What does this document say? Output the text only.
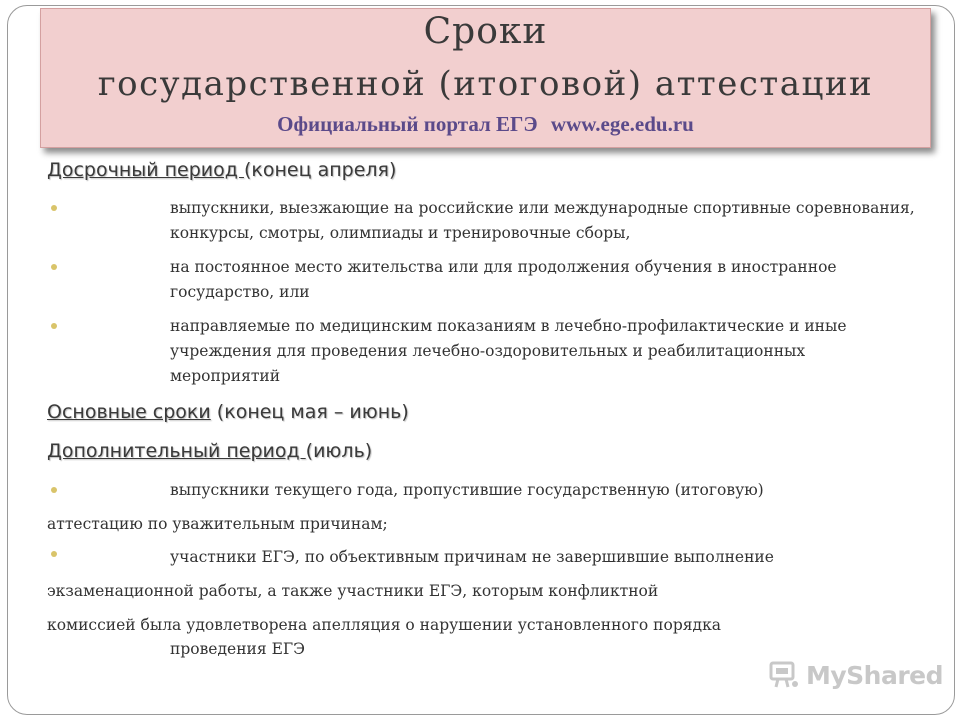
Сроки
государственной (итоговой) аттестации
Официальный портал ЕГЭ www.ege.edu.ru
Досрочный период (конец апреля)
выпускники, выезжающие на российские или международные спортивные соревнования, конкурсы, смотры, олимпиады и тренировочные сборы,
на постоянное место жительства или для продолжения обучения в иностранное государство, или
направляемые по медицинским показаниям в лечебно-профилактические и иные учреждения для проведения лечебно-оздоровительных и реабилитационных мероприятий
Основные сроки (конец мая – июнь)
Дополнительный период (июль)
выпускники текущего года, пропустившие государственную (итоговую)
аттестацию по уважительным причинам;
участники ЕГЭ, по объективным причинам не завершившие выполнение
экзаменационной работы, а также участники ЕГЭ, которым конфликтной
комиссией была удовлетворена апелляция о нарушении установленного порядка
проведения ЕГЭ
MyShared
